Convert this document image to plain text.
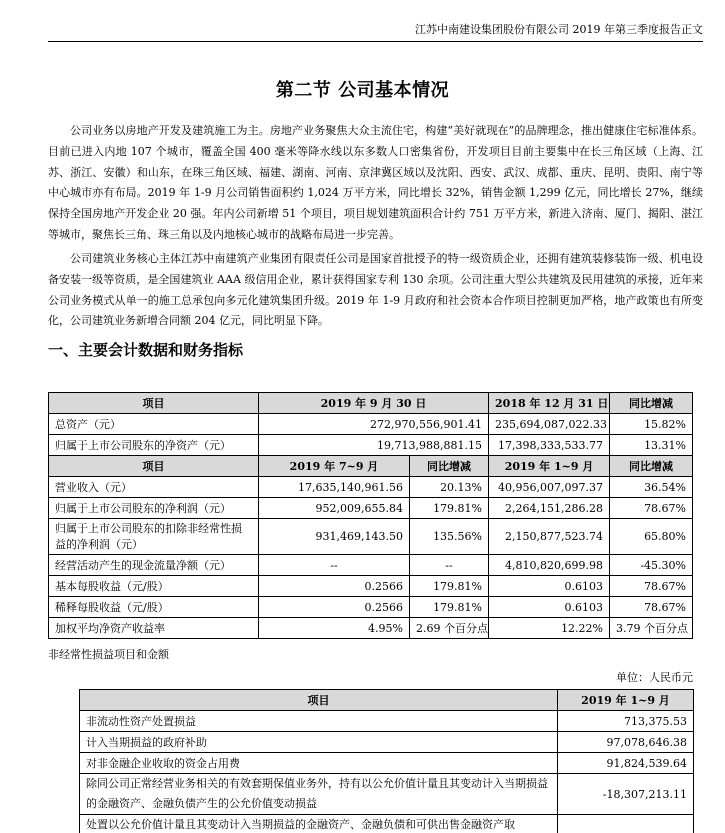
江苏中南建设集团股份有限公司 2019 年第三季度报告正文
第二节 公司基本情况

公司业务以房地产开发及建筑施工为主。房地产业务聚焦大众主流住宅，构建“美好就现在”的品牌理念，推出健康住宅标准体系。目前已进入内地 107 个城市，覆盖全国 400 毫米等降水线以东多数人口密集省份，开发项目目前主要集中在长三角区域（上海、江苏、浙江、安徽）和山东，在珠三角区域、福建、湖南、河南、京津冀区域以及沈阳、西安、武汉、成都、重庆、昆明、贵阳、南宁等中心城市亦有布局。2019 年 1-9 月公司销售面积约 1,024 万平方米，同比增长 32%，销售金额 1,299 亿元，同比增长 27%，继续保持全国房地产开发企业 20 强。年内公司新增 51 个项目，项目规划建筑面积合计约 751 万平方米，新进入济南、厦门、揭阳、湛江等城市，聚焦长三角、珠三角以及内地核心城市的战略布局进一步完善。

公司建筑业务核心主体江苏中南建筑产业集团有限责任公司是国家首批授予的特一级资质企业，还拥有建筑装修装饰一级、机电设备安装一级等资质，是全国建筑业 AAA 级信用企业，累计获得国家专利 130 余项。公司注重大型公共建筑及民用建筑的承接，近年来公司业务模式从单一的施工总承包向多元化建筑集团升级。2019 年 1-9 月政府和社会资本合作项目控制更加严格，地产政策也有所变化，公司建筑业务新增合同额 204 亿元，同比明显下降。

一、主要会计数据和财务指标
项目	2019 年 9 月 30 日		2018 年 12 月 31 日	同比增减
总资产（元）	272,970,556,901.41		235,694,087,022.33	15.82%
归属于上市公司股东的净资产（元）	19,713,988,881.15		17,398,333,533.77	13.31%
项目	2019 年 7~9 月	同比增减	2019 年 1~9 月	同比增减
营业收入（元）	17,635,140,961.56	20.13%	40,956,007,097.37	36.54%
归属于上市公司股东的净利润（元）	952,009,655.84	179.81%	2,264,151,286.28	78.67%
归属于上市公司股东的扣除非经常性损益的净利润（元）	931,469,143.50	135.56%	2,150,877,523.74	65.80%
经营活动产生的现金流量净额（元）	--	--	4,810,820,699.98	-45.30%
基本每股收益（元/股）	0.2566	179.81%	0.6103	78.67%
稀释每股收益（元/股）	0.2566	179.81%	0.6103	78.67%
加权平均净资产收益率	4.95%	2.69 个百分点	12.22%	3.79 个百分点
非经常性损益项目和金额
单位：人民币元
项目	2019 年 1~9 月
非流动性资产处置损益	713,375.53
计入当期损益的政府补助	97,078,646.38
对非金融企业收取的资金占用费	91,824,539.64
除同公司正常经营业务相关的有效套期保值业务外，持有以公允价值计量且其变动计入当期损益的金融资产、金融负债产生的公允价值变动损益	-18,307,213.11
处置以公允价值计量且其变动计入当期损益的金融资产、金融负债和可供出售金融资产取	
